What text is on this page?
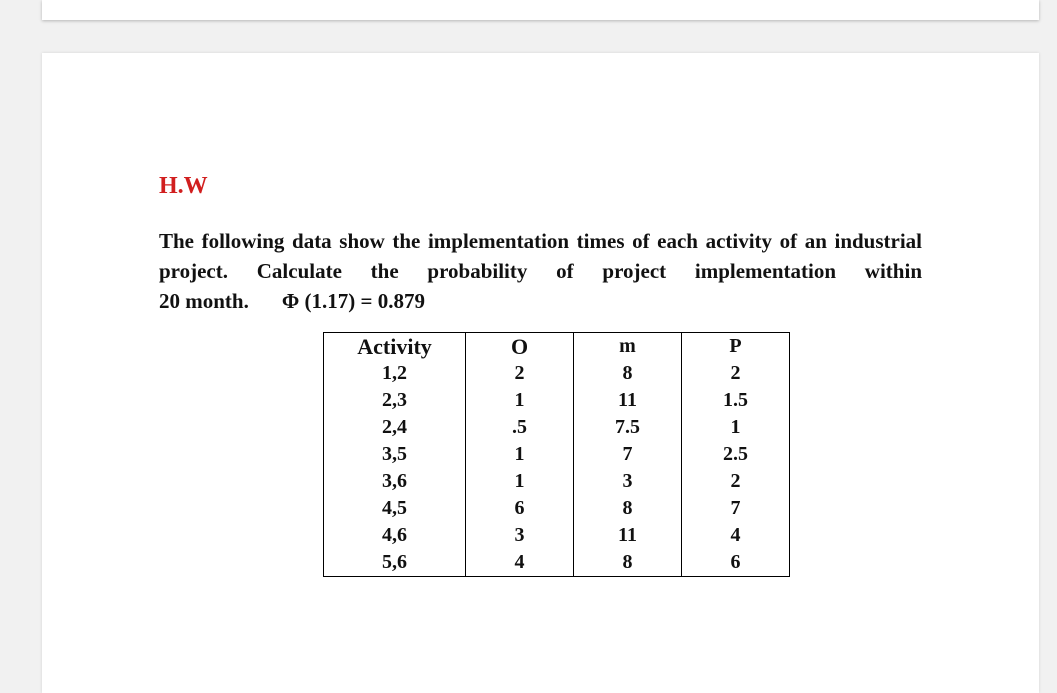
H.W

The following data show the implementation times of each activity of an industrial project. Calculate the probability of project implementation within

20 month. Φ (1.17) = 0.879

Activity	O	m	P
1,2	2	8	2
2,3	1	11	1.5
2,4	.5	7.5	1
3,5	1	7	2.5
3,6	1	3	2
4,5	6	8	7
4,6	3	11	4
5,6	4	8	6
